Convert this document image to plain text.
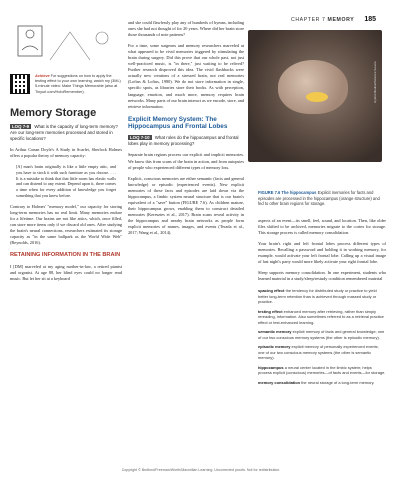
CHAPTER 7 MEMORY 185
Achieve For suggestions on how to apply the testing effect to your own learning, watch my (3ML) 5-minute video: Make Things Memorable (also at Tinyurl.com/HotoRemember).
Memory Storage
LOQ 7-9 What is the capacity of long-term memory? Are our long-term memories processed and stored in specific locations?

In Arthur Conan Doyle's A Study in Scarlet, Sherlock Holmes offers a popular theory of memory capacity:

[A] man's brain originally is like a little empty attic, and you have to stock it with such furniture as you choose. . . . It is a mistake to think that that little room has elastic walls and can distend to any extent. Depend upon it, there comes a time when for every addition of knowledge you forget something that you knew before.

Contrary to Holmes' "memory model," our capacity for storing long-term memories has no real limit. Many memories endure for a lifetime. Our brains are not like attics, which, once filled, can store more items only if we discard old ones. After studying the brain's neural connections, researchers estimated its storage capacity as "in the same ballpark as the World Wide Web" (Reynolds, 2016).

RETAINING INFORMATION IN THE BRAIN

I [DM] marveled at my aging mother-in-law, a retired pianist and organist. At age 88, her blind eyes could no longer read music. But let her sit at a keyboard

and she could flawlessly play any of hundreds of hymns, including ones she had not thought of for 20 years. Where did her brain store those thousands of note patterns?

For a time, some surgeons and memory researchers marveled at what appeared to be vivid memories triggered by stimulating the brain during surgery. Did this prove that our whole past, not just well-practiced music, is "in there," just waiting to be relived? Further research disproved this idea. The vivid flashbacks were actually new creations of a stressed brain, not real memories (Loftus & Loftus, 1980). We do not store information in single, specific spots, as libraries store their books. As with perception, language, emotion, and much more, memory requires brain networks. Many parts of our brain interact as we encode, store, and retrieve information.

Explicit Memory System: The Hippocampus and Frontal Lobes
LOQ 7-10 What roles do the hippocampus and frontal lobes play in memory processing?

Separate brain regions process our explicit and implicit memories. We know this from scans of the brain in action, and from autopsies of people who experienced different types of memory loss.

Explicit, conscious memories are either semantic (facts and general knowledge) or episodic (experienced events). New explicit memories of these facts and episodes are laid down via the hippocampus, a limbic system neural structure that is our brain's equivalent of a "save" button (FIGURE 7.6). As children mature, their hippocampus grows, enabling them to construct detailed memories (Keresztes et al., 2017). Brain scans reveal activity in the hippocampus and nearby brain networks as people form explicit memories of names, images, and events (Terada et al., 2017; Wang et al., 2014).

Hybrid Medical/Science Source
FIGURE 7.6 The hippocampus Explicit memories for facts and episodes are processed in the hippocampus (orange structure) and fed to other brain regions for storage.

aspects of an event—its smell, feel, sound, and location. Then, like older files shifted to be archived, memories migrate to the cortex for storage. This storage process is called memory consolidation.

Your brain's right and left frontal lobes process different types of memories. Recalling a password and holding it in working memory, for example, would activate your left frontal lobe. Calling up a visual image of last night's party would more likely activate your right frontal lobe.

Sleep supports memory consolidation. In one experiment, students who learned material in a study/sleep/restudy condition remembered material

spacing effect the tendency for distributed study or practice to yield better long-term retention than is achieved through massed study or practice.
testing effect enhanced memory after retrieving, rather than simply rereading, information. Also sometimes referred to as a retrieval practice effect or test-enhanced learning.
semantic memory explicit memory of facts and general knowledge; one of our two conscious memory systems (the other is episodic memory).
episodic memory explicit memory of personally experienced events; one of our two conscious memory systems (the other is semantic memory).
hippocampus a neural center located in the limbic system; helps process explicit (conscious) memories—of facts and events—for storage.
memory consolidation the neural storage of a long-term memory.
Copyright © Bedford/Freeman/Worth/Macmillan Learning. Uncorrected proofs. Not for redistribution.
